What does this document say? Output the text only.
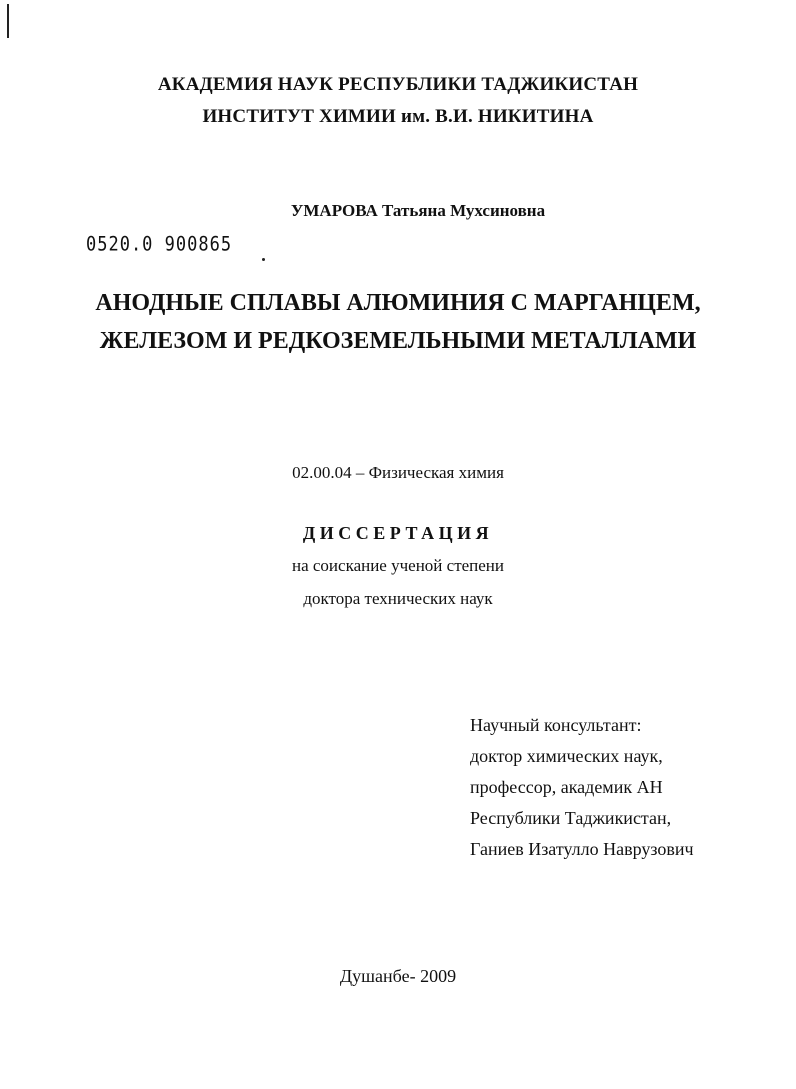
АКАДЕМИЯ НАУК РЕСПУБЛИКИ ТАДЖИКИСТАН
ИНСТИТУТ ХИМИИ им. В.И. НИКИТИНА
УМАРОВА Татьяна Мухсиновна
0520.0 900865
АНОДНЫЕ СПЛАВЫ АЛЮМИНИЯ С МАРГАНЦЕМ,
ЖЕЛЕЗОМ И РЕДКОЗЕМЕЛЬНЫМИ МЕТАЛЛАМИ
02.00.04 – Физическая химия
ДИССЕРТАЦИЯ
на соискание ученой степени
доктора технических наук
Научный консультант:
доктор химических наук,
профессор, академик АН
Республики Таджикистан,
Ганиев Изатулло Наврузович
Душанбе- 2009
